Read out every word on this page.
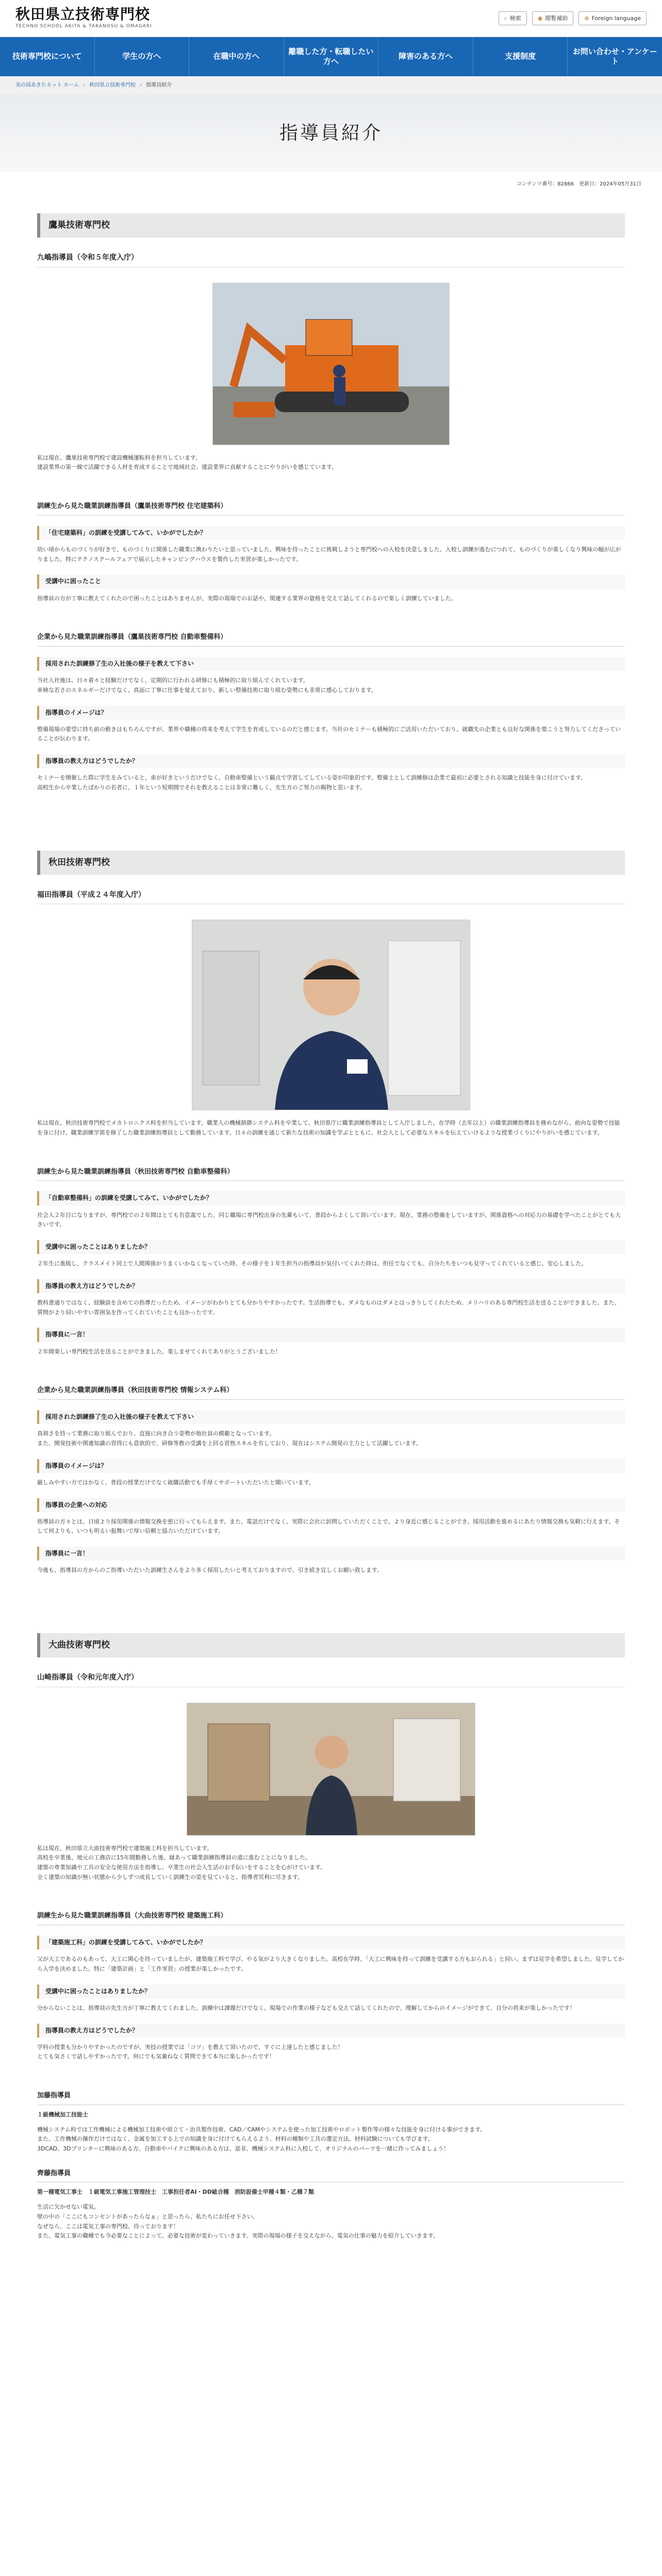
秋田県立技術専門校
TECHNO SCHOOL AKITA & TAKANOSU & OMAGARI
⌕ 検索	◉ 閲覧補助	⊕ Foreign language
技術専門校について	学生の方へ	在職中の方へ
離職した方・転職したい方へ
障害のある方へ	支援制度
お問い合わせ・アンケート
美の国あきたネット ホーム › 秋田県立技術専門校 › 指導員紹介
指導員紹介
コンテンツ番号：82866　更新日：2024年05月31日
鷹巣技術専門校
九嶋指導員（令和５年度入庁）

私は現在、鷹巣技術専門校で建設機械運転科を担当しています。
建設業界の第一線で活躍できる人材を育成することで地域社会、建設業界に貢献することにやりがいを感じています。

訓練生から見た職業訓練指導員（鷹巣技術専門校 住宅建築科）
「住宅建築科」の訓練を受講してみて、いかがでしたか？

幼い頃からものづくりが好きで、ものづくりに関係した職業に携わりたいと思っていました。興味を持ったことに挑戦しようと専門校への入校を決意しました。入校し訓練が進むにつれて、ものづくりが楽しくなり興味の幅が広がりました。特にテクノスクールフェアで展示したキャンピングハウスを製作した実習が楽しかったです。

受講中に困ったこと

指導員の方が丁寧に教えてくれたので困ったことはありませんが、実際の現場でのお話や、関連する業界の資格を交えて話してくれるので楽しく訓練していました。

企業から見た職業訓練指導員（鷹巣技術専門校 自動車整備科）
採用された訓練修了生の入社後の様子を教えて下さい

当社入社後は、日々着々と経験だけでなく、定期的に行われる研修にも積極的に取り組んでくれています。
車検な若さのエネルギーだけでなく、真面に丁寧に仕事を覚えており、新しい整備技術に取り組む姿勢にも非常に感心しております。

指導員のイメージは？

整備現場の要望に持ち前の動きはもちろんですが、業界や職種の将来を考えて学生を育成しているのだと感じます。当社のセミナーも積極的にご活用いただいており、就職先の企業とも良好な関係を築こうと努力してくださっていることが伝わります。

指導員の教え方はどうでしたか？

セミナーを開催した際に学生をみていると、車が好きというだけでなく、自動車整備という観点で学習してしている姿が印象的です。整備士として訓練修は企業で最初に必要とされる知識と技能を身に付けています。
高校生から卒業したばかりの若者に、１年という短期間でそれを教えることは非常に難しく、先生方のご努力の賜物と思います。

秋田技術専門校
福田指導員（平成２４年度入庁）

私は現在、秋田技術専門校でメカトロニクス科を担当しています。職業人の機械制御システム科を卒業して、秋田県庁に職業訓練指導員として入庁しました。在学時（去年以上）の職業訓練指導員を務めながら、前向な姿勢で技能を身に付け、職業訓練学部を修了した職業訓練指導員として勤務しています。日々の訓練を通じて新たな技術の知識を学ぶとともに、社会人として必要なスキルを伝えていけるような授業づくりにやりがいを感じています。

訓練生から見た職業訓練指導員（秋田技術専門校 自動車整備科）
「自動車整備科」の訓練を受講してみて、いかがでしたか？

社会人２年目になりますが、専門校での２年間はとても有意義でした。同じ職場に専門校出身の先輩もいて、普段からよくして頂いています。現在、業務の整備をしていますが、関係資格への対応力の基礎を学べたことがとても大きいです。

受講中に困ったことはありましたか？

２年生に進級し、クラスメイト同士で人間関係がうまくいかなくなっていた時、その様子を１年生担当の指導員が気付いてくれた時は、担任でなくても、自分たちをいつも見守ってくれていると感じ、安心しました。

指導員の教え方はどうでしたか？

教科書通りではなく、経験談を含めての指導だったため、イメージがわかりとても分かりやすかったです。生活指導でも、ダメなものはダメとはっきりしてくれたため、メリハリのある専門校生活を送ることができました。また、質問がより伺いやすい雰囲気を作ってくれていたことも良かったです。

指導員に一言！

２年間楽しい専門校生活を送ることができました。楽しませてくれてありがとうございました！

企業から見た職業訓練指導員（秋田技術専門校 情報システム科）
採用された訓練修了生の入社後の様子を教えて下さい

真剣さを持って業務に取り組んでおり、直接に向き合う姿勢が他社員の模範となっています。
また、開発技術や関連知識の習得にも意欲的で、研修等教の受講を上回る習熟スキルを有しており、現在はシステム開発の主力として活躍しています。

指導員のイメージは？

厳しみやすい方ではかなく、普段の授業だけでなく就職活動でも手厚くサポートいただいたと聞いています。

指導員の企業への対応

指導員の方々とは、日頃より採用関係の情報交換を密に行ってもらえます。また、電話だけでなく、実際に会社に訪問していただくことで、より身近に感じることができ、採用活動を進めるにあたり情報交換も気軽に行えます。そして何よりも、いつも明るい振舞いで厚い信頼と協力いただけています。

指導員に一言！

今後も、指導員の方からのご指導いただいた訓練生さんをより多く採用したいと考えておりますので、引き続き宜しくお願い致します。

大曲技術専門校
山崎指導員（令和元年度入庁）

私は現在、秋田県立大曲技術専門校で建築施工科を担当しています。
高校を卒業後、地元の工務店に15年間勤務した後、縁あって職業訓練指導員の道に進むことになりました。
建築の専業知識や工具の安全な使用方法を指導し、卒業生の社会人生活のお手伝いをすることを心がけています。
全く建築の知識が無い状態から少しずつ成長していく訓練生の姿を見ていると、指導者冥利に尽きます。

訓練生から見た職業訓練指導員（大曲技術専門校 建築施工科）
「建築施工科」の訓練を受講してみて、いかがでしたか？

父が大工であるのもあって、大工に関心を持っていましたが、建築施工科で学び、やる気がより大きくなりました。高校在学時、「大工に興味を持って訓練を受講する方もおられる」と伺い、まずは見学を希望しました。見学してから入学を決めました。特に「建築計画」と「工作実習」の授業が楽しかったです。

受講中に困ったことはありましたか？

分からないことは、指導員の先生方が丁寧に教えてくれました。訓練中は課題だけでなく、現場での作業の様子なども交えて話してくれたので、理解してからのイメージができて、自分の将来が楽しかったです！

指導員の教え方はどうでしたか？

学科の授業も分かりやすかったのですが、実技の授業では「コツ」を教えて頂いたので、すぐに上達したと感じました！
とても気さくで話しやすかったです。何にでも気兼ねなく質問できて本当に楽しかったです！

加藤指導員

１級機械加工技能士

機械システム科では工作機械による機械加工技術や組立て・治具製作技術、CAD／CAMやシステムを使った加工技術やロボット製作等の様々な技能を身に付ける事ができます。
また、工作機械の操作だけではなく、金属を加工する上での知識を身に付けてもらえるよう、材料の種類や工具の選定方法、材料試験についても学びます。
3DCAD、3Dプリンターに興味のある方、自動車やバイクに興味のある方は、是非、機械システム科に入校して、オリジナルのパーツを一緒に作ってみましょう！

齊藤指導員

第一種電気工事士　１級電気工事施工管理技士　工事担任者AI・DD総合種　消防設備士甲種４類・乙種７類

生活に欠かせない電気。
壁の中の「ここにもコンセントがあったらなぁ」と思ったら、私たちにお任せ下さい。
なぜなら、ここは電気工事の専門校、待っております！
また、電気工事の職種でも今必要なことによって、必要な技術が変わっていきます。実際の現場の様子を交えながら、電気の仕事の魅力を紹介していきます。
